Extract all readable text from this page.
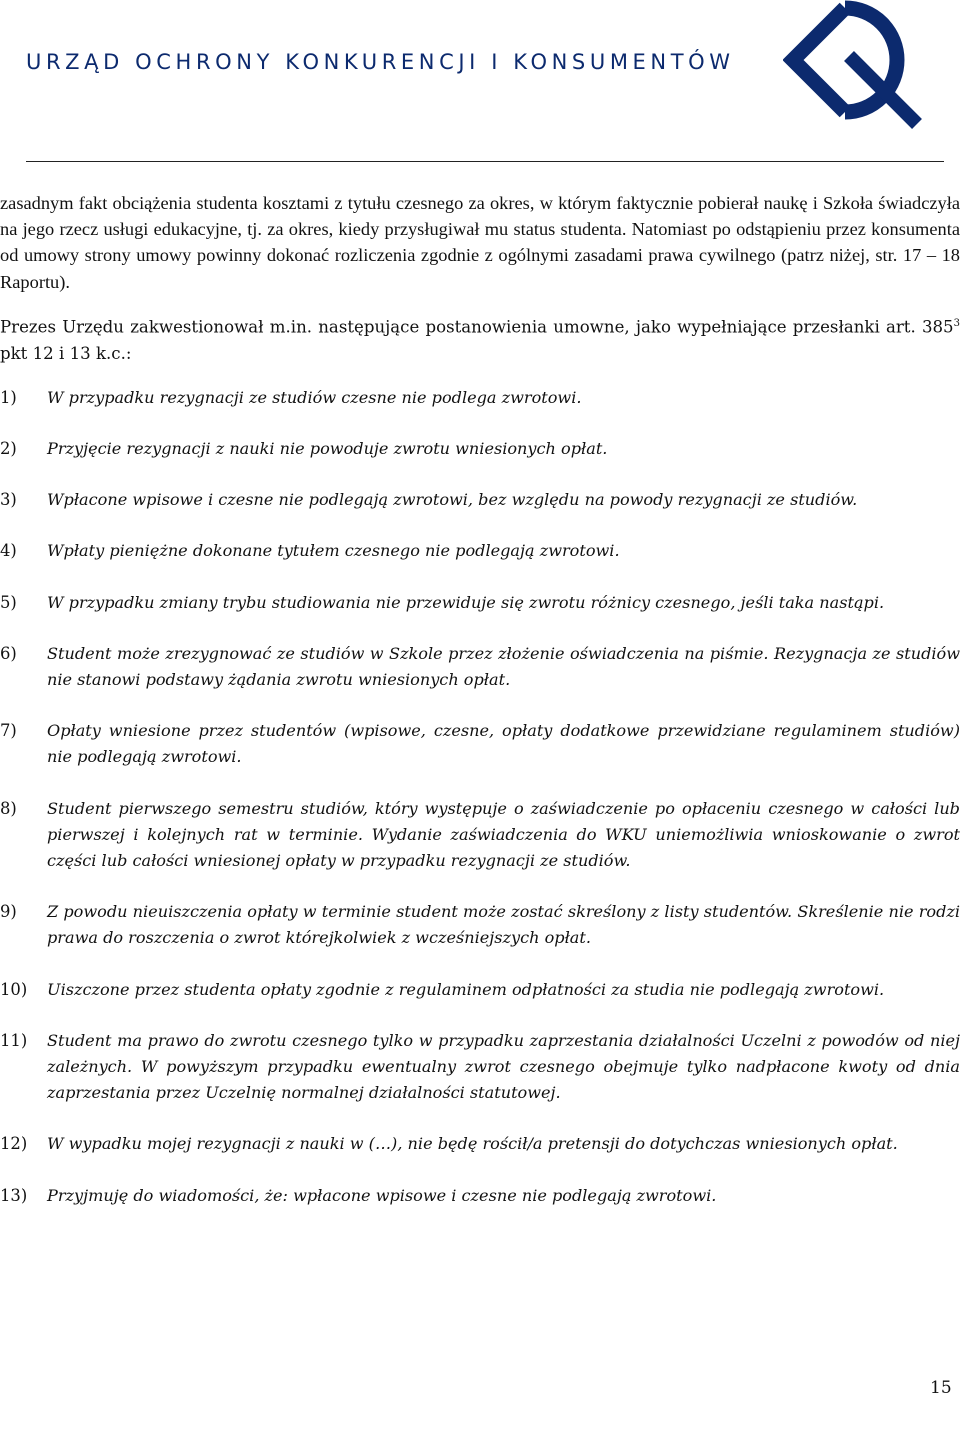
URZĄD OCHRONY KONKURENCJI I KONSUMENTÓW

zasadnym fakt obciążenia studenta kosztami z tytułu czesnego za okres, w którym faktycznie pobierał naukę i Szkoła świadczyła na jego rzecz usługi edukacyjne, tj. za okres, kiedy przysługiwał mu status studenta. Natomiast po odstąpieniu przez konsumenta od umowy strony umowy powinny dokonać rozliczenia zgodnie z ogólnymi zasadami prawa cywilnego (patrz niżej, str. 17 – 18 Raportu).

Prezes Urzędu zakwestionował m.in. następujące postanowienia umowne, jako wypełniające przesłanki art. $385^3$ pkt 12 i 13 k.c.:

1) W przypadku rezygnacji ze studiów czesne nie podlega zwrotowi.
2) Przyjęcie rezygnacji z nauki nie powoduje zwrotu wniesionych opłat.
3) Wpłacone wpisowe i czesne nie podlegają zwrotowi, bez względu na powody rezygnacji ze studiów.
4) Wpłaty pieniężne dokonane tytułem czesnego nie podlegają zwrotowi.
5) W przypadku zmiany trybu studiowania nie przewiduje się zwrotu różnicy czesnego, jeśli taka nastąpi.
6) Student może zrezygnować ze studiów w Szkole przez złożenie oświadczenia na piśmie. Rezygnacja ze studiów nie stanowi podstawy żądania zwrotu wniesionych opłat.
7) Opłaty wniesione przez studentów (wpisowe, czesne, opłaty dodatkowe przewidziane regulaminem studiów) nie podlegają zwrotowi.
8) Student pierwszego semestru studiów, który występuje o zaświadczenie po opłaceniu czesnego w całości lub pierwszej i kolejnych rat w terminie. Wydanie zaświadczenia do WKU uniemożliwia wnioskowanie o zwrot części lub całości wniesionej opłaty w przypadku rezygnacji ze studiów.
9) Z powodu nieuiszczenia opłaty w terminie student może zostać skreślony z listy studentów. Skreślenie nie rodzi prawa do roszczenia o zwrot którejkolwiek z wcześniejszych opłat.
10) Uiszczone przez studenta opłaty zgodnie z regulaminem odpłatności za studia nie podlegają zwrotowi.
11) Student ma prawo do zwrotu czesnego tylko w przypadku zaprzestania działalności Uczelni z powodów od niej zależnych. W powyższym przypadku ewentualny zwrot czesnego obejmuje tylko nadpłacone kwoty od dnia zaprzestania przez Uczelnię normalnej działalności statutowej.
12) W wypadku mojej rezygnacji z nauki w (…), nie będę rościł/a pretensji do dotychczas wniesionych opłat.
13) Przyjmuję do wiadomości, że: wpłacone wpisowe i czesne nie podlegają zwrotowi.
15
